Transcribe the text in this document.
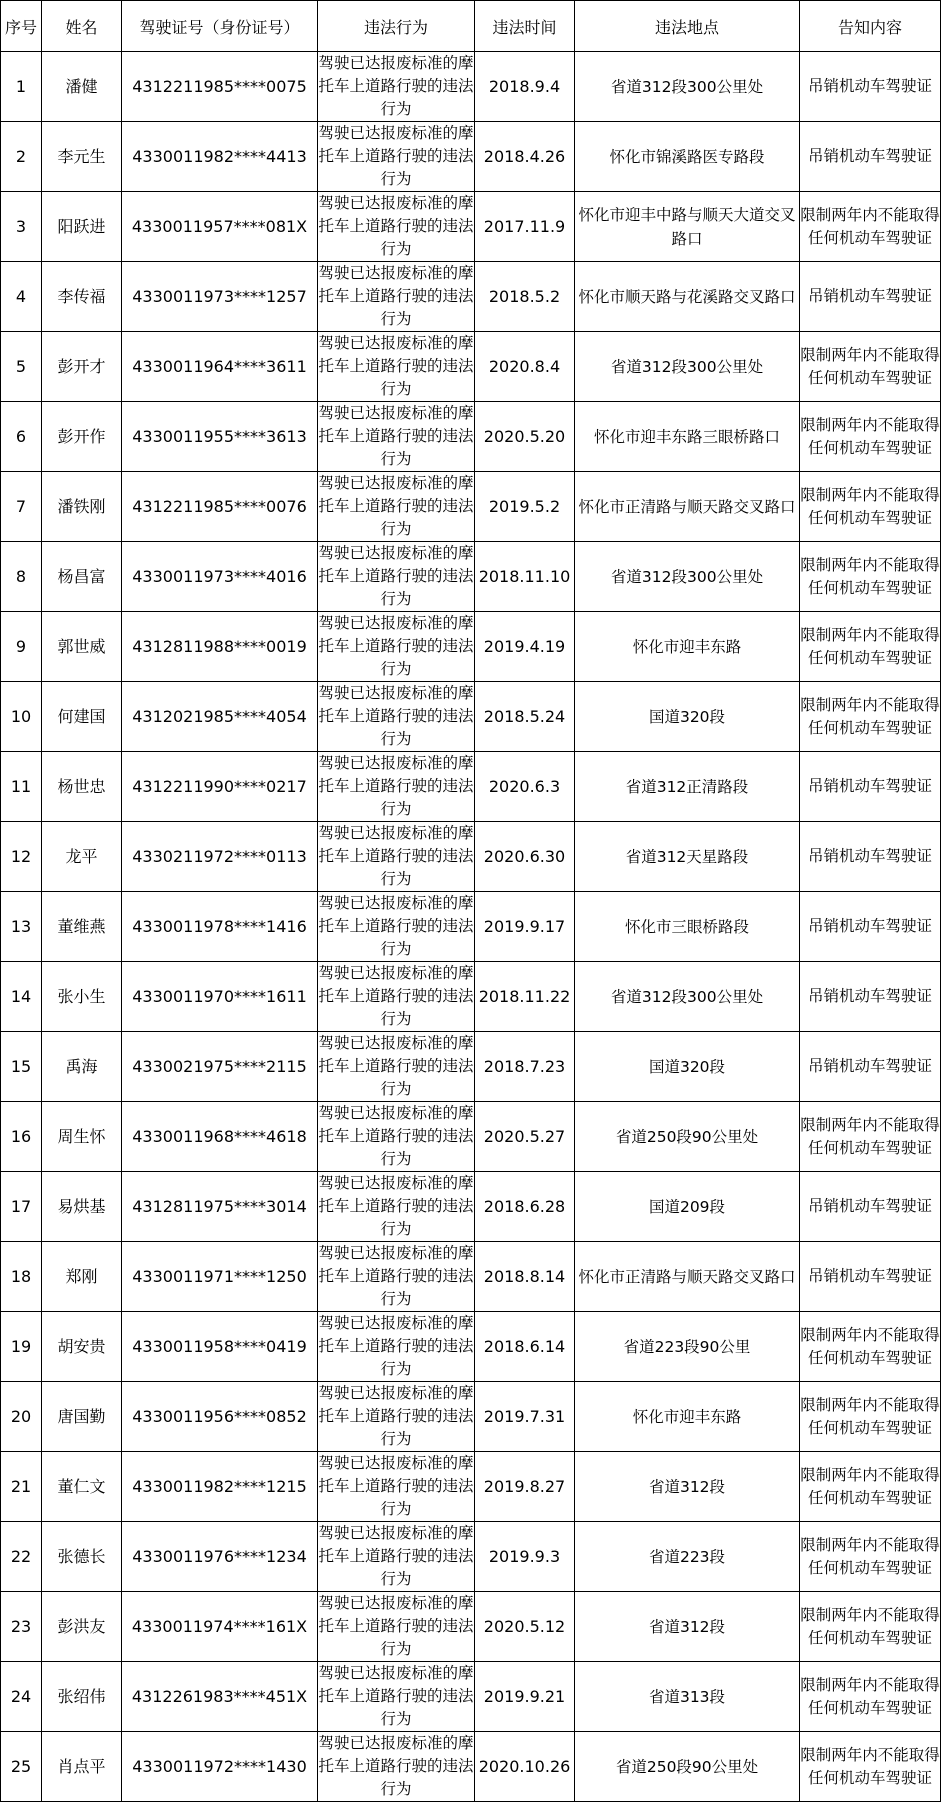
序号	姓名	驾驶证号（身份证号）	违法行为	违法时间	违法地点	告知内容
1	潘健	4312211985****0075	驾驶已达报废标准的摩托车上道路行驶的违法行为	2018.9.4	省道312段300公里处	吊销机动车驾驶证
2	李元生	4330011982****4413	驾驶已达报废标准的摩托车上道路行驶的违法行为	2018.4.26	怀化市锦溪路医专路段	吊销机动车驾驶证
3	阳跃进	4330011957****081X	驾驶已达报废标准的摩托车上道路行驶的违法行为	2017.11.9	怀化市迎丰中路与顺天大道交叉路口	限制两年内不能取得任何机动车驾驶证
4	李传福	4330011973****1257	驾驶已达报废标准的摩托车上道路行驶的违法行为	2018.5.2	怀化市顺天路与花溪路交叉路口	吊销机动车驾驶证
5	彭开才	4330011964****3611	驾驶已达报废标准的摩托车上道路行驶的违法行为	2020.8.4	省道312段300公里处	限制两年内不能取得任何机动车驾驶证
6	彭开作	4330011955****3613	驾驶已达报废标准的摩托车上道路行驶的违法行为	2020.5.20	怀化市迎丰东路三眼桥路口	限制两年内不能取得任何机动车驾驶证
7	潘铁刚	4312211985****0076	驾驶已达报废标准的摩托车上道路行驶的违法行为	2019.5.2	怀化市正清路与顺天路交叉路口	限制两年内不能取得任何机动车驾驶证
8	杨昌富	4330011973****4016	驾驶已达报废标准的摩托车上道路行驶的违法行为	2018.11.10	省道312段300公里处	限制两年内不能取得任何机动车驾驶证
9	郭世威	4312811988****0019	驾驶已达报废标准的摩托车上道路行驶的违法行为	2019.4.19	怀化市迎丰东路	限制两年内不能取得任何机动车驾驶证
10	何建国	4312021985****4054	驾驶已达报废标准的摩托车上道路行驶的违法行为	2018.5.24	国道320段	限制两年内不能取得任何机动车驾驶证
11	杨世忠	4312211990****0217	驾驶已达报废标准的摩托车上道路行驶的违法行为	2020.6.3	省道312正清路段	吊销机动车驾驶证
12	龙平	4330211972****0113	驾驶已达报废标准的摩托车上道路行驶的违法行为	2020.6.30	省道312天星路段	吊销机动车驾驶证
13	董维燕	4330011978****1416	驾驶已达报废标准的摩托车上道路行驶的违法行为	2019.9.17	怀化市三眼桥路段	吊销机动车驾驶证
14	张小生	4330011970****1611	驾驶已达报废标准的摩托车上道路行驶的违法行为	2018.11.22	省道312段300公里处	吊销机动车驾驶证
15	禹海	4330021975****2115	驾驶已达报废标准的摩托车上道路行驶的违法行为	2018.7.23	国道320段	吊销机动车驾驶证
16	周生怀	4330011968****4618	驾驶已达报废标准的摩托车上道路行驶的违法行为	2020.5.27	省道250段90公里处	限制两年内不能取得任何机动车驾驶证
17	易烘基	4312811975****3014	驾驶已达报废标准的摩托车上道路行驶的违法行为	2018.6.28	国道209段	吊销机动车驾驶证
18	郑刚	4330011971****1250	驾驶已达报废标准的摩托车上道路行驶的违法行为	2018.8.14	怀化市正清路与顺天路交叉路口	吊销机动车驾驶证
19	胡安贵	4330011958****0419	驾驶已达报废标准的摩托车上道路行驶的违法行为	2018.6.14	省道223段90公里	限制两年内不能取得任何机动车驾驶证
20	唐国勤	4330011956****0852	驾驶已达报废标准的摩托车上道路行驶的违法行为	2019.7.31	怀化市迎丰东路	限制两年内不能取得任何机动车驾驶证
21	董仁文	4330011982****1215	驾驶已达报废标准的摩托车上道路行驶的违法行为	2019.8.27	省道312段	限制两年内不能取得任何机动车驾驶证
22	张德长	4330011976****1234	驾驶已达报废标准的摩托车上道路行驶的违法行为	2019.9.3	省道223段	限制两年内不能取得任何机动车驾驶证
23	彭洪友	4330011974****161X	驾驶已达报废标准的摩托车上道路行驶的违法行为	2020.5.12	省道312段	限制两年内不能取得任何机动车驾驶证
24	张绍伟	4312261983****451X	驾驶已达报废标准的摩托车上道路行驶的违法行为	2019.9.21	省道313段	限制两年内不能取得任何机动车驾驶证
25	肖点平	4330011972****1430	驾驶已达报废标准的摩托车上道路行驶的违法行为	2020.10.26	省道250段90公里处	限制两年内不能取得任何机动车驾驶证
